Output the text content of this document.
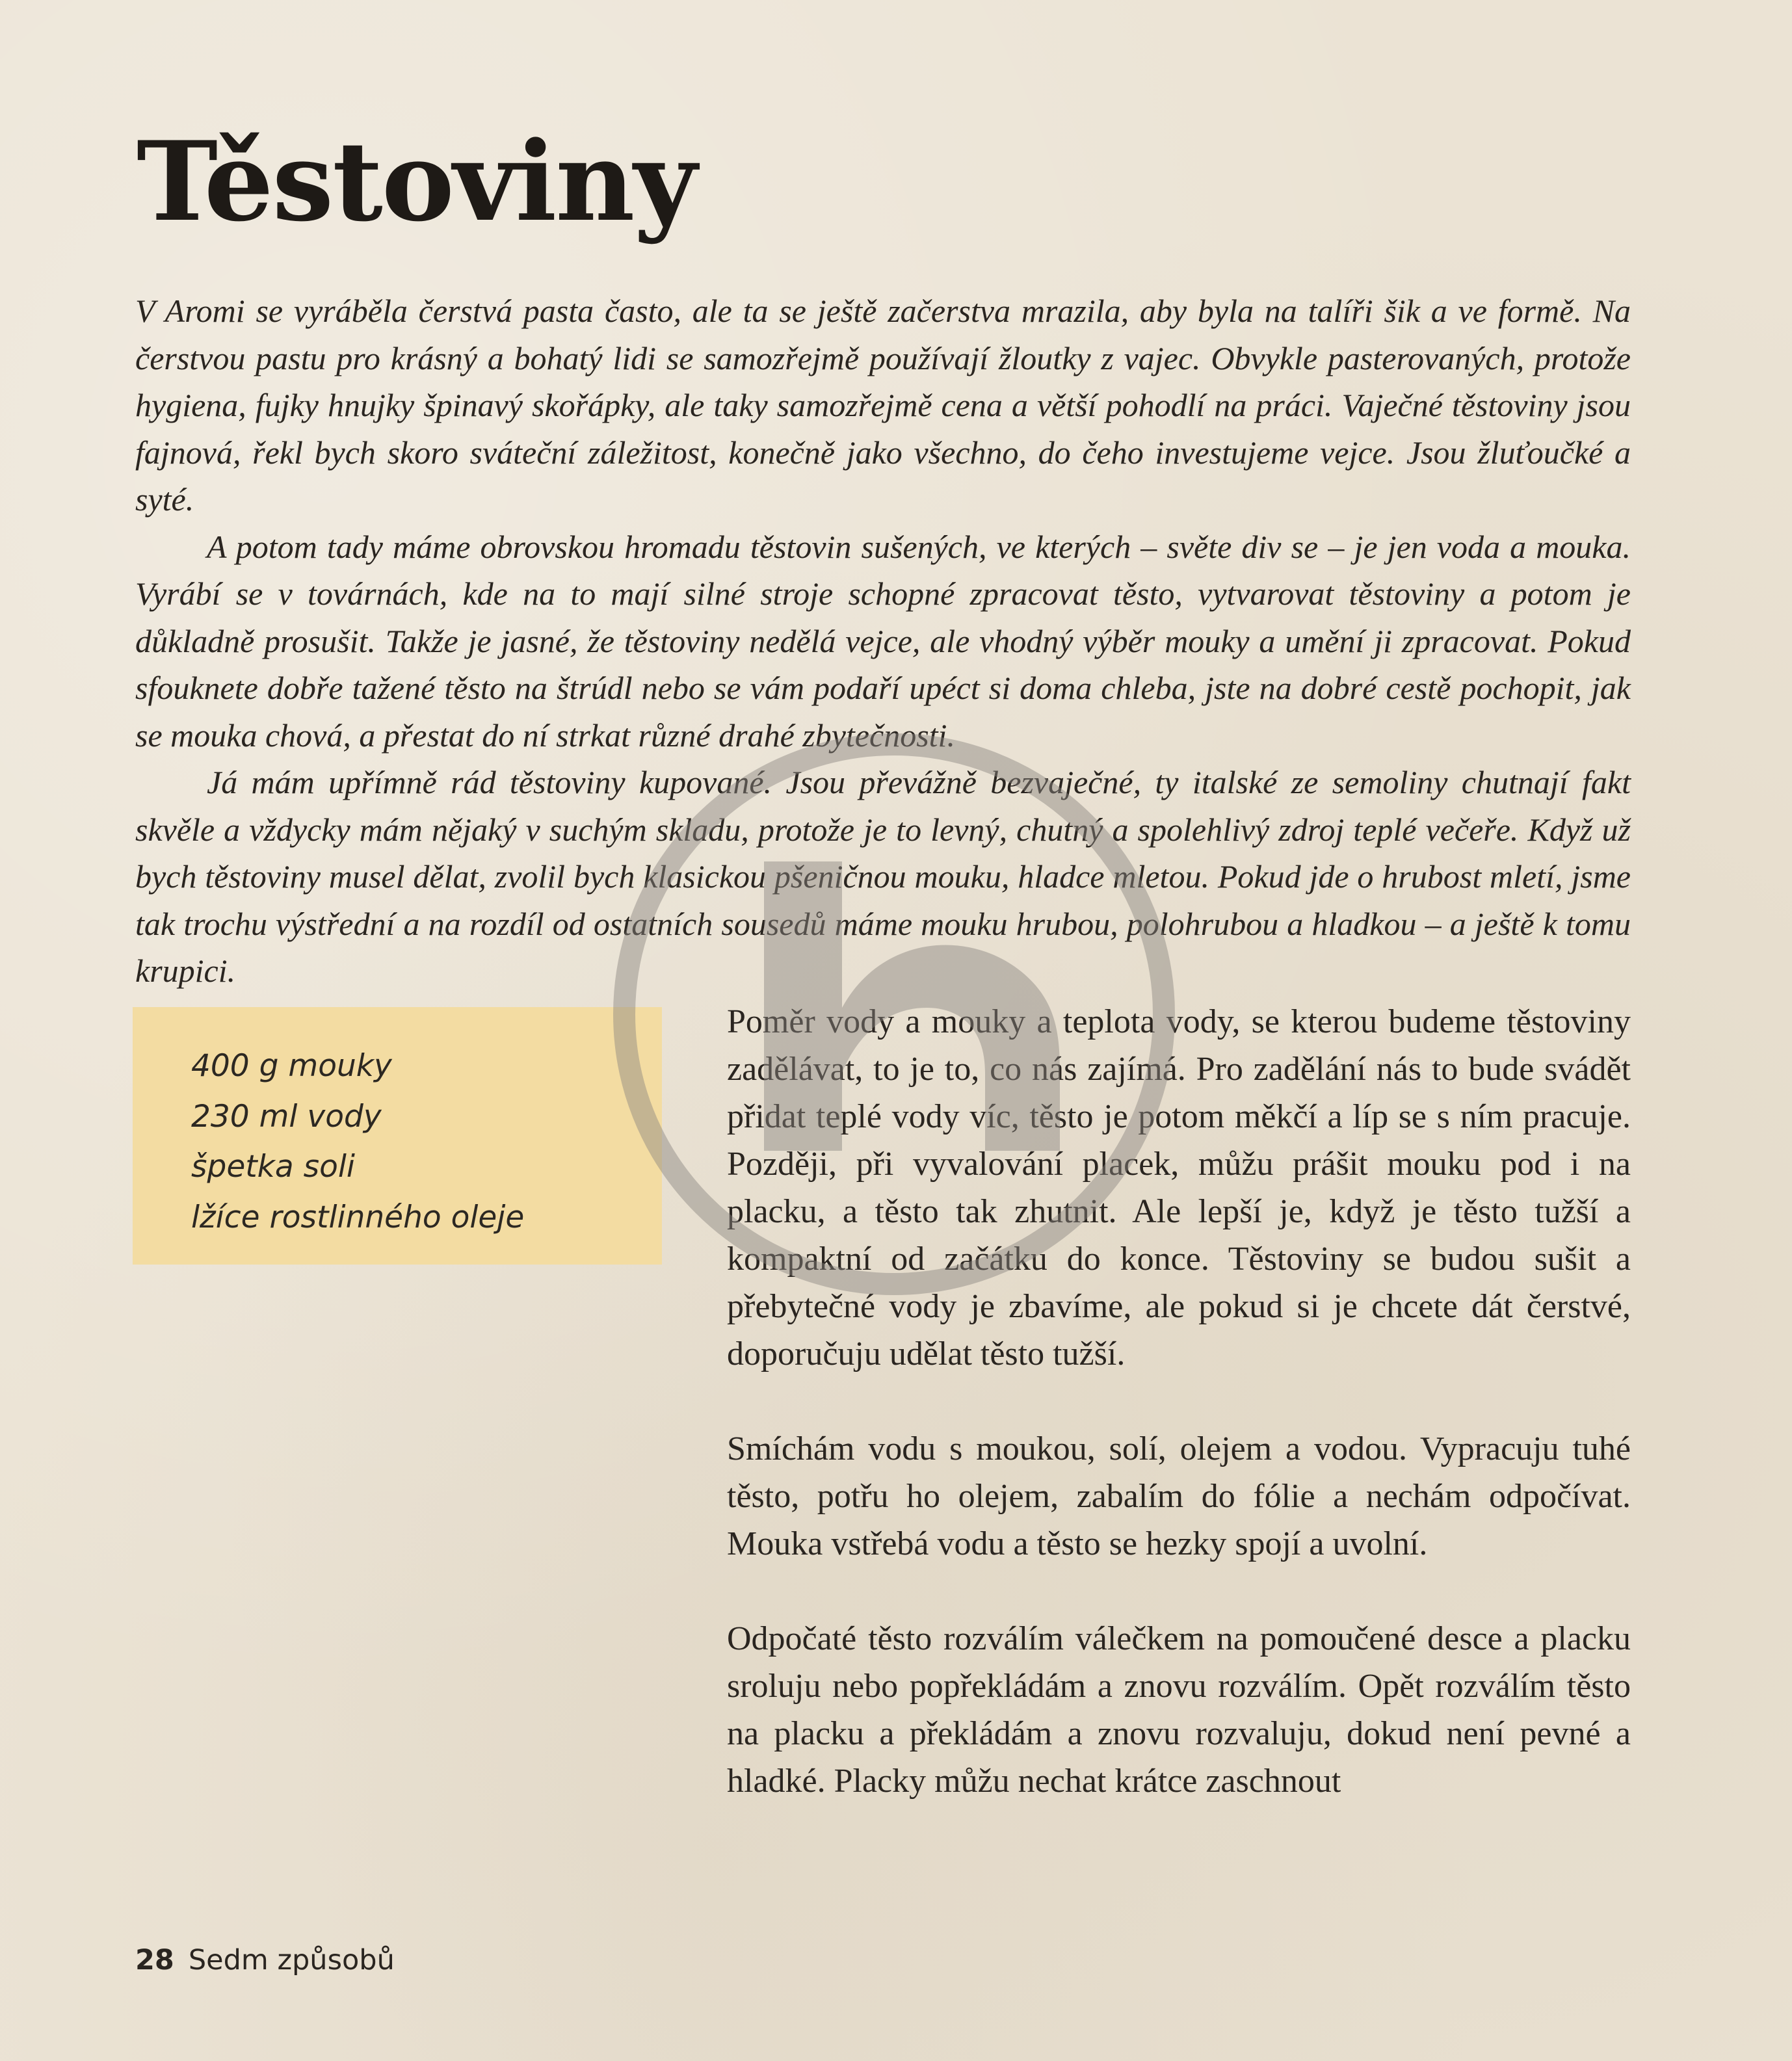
Těstoviny

V Aromi se vyráběla čerstvá pasta často, ale ta se ještě začerstva mrazila, aby byla na talíři šik a ve formě. Na čerstvou pastu pro krásný a bohatý lidi se samozřejmě používají žloutky z vajec. Obvykle pasterovaných, protože hygiena, fujky hnujky špinavý skořápky, ale taky samozřejmě cena a větší pohodlí na práci. Vaječné těstoviny jsou fajnová, řekl bych skoro sváteční záležitost, konečně jako všechno, do čeho investujeme vejce. Jsou žluťoučké a syté.

A potom tady máme obrovskou hromadu těstovin sušených, ve kterých – světe div se – je jen voda a mouka. Vyrábí se v továrnách, kde na to mají silné stroje schopné zpracovat těsto, vytvarovat těstoviny a potom je důkladně prosušit. Takže je jasné, že těstoviny nedělá vejce, ale vhodný výběr mouky a umění ji zpracovat. Pokud sfouknete dobře tažené těsto na štrúdl nebo se vám podaří upéct si doma chleba, jste na dobré cestě pochopit, jak se mouka chová, a přestat do ní strkat různé drahé zbytečnosti.

Já mám upřímně rád těstoviny kupované. Jsou převážně bezvaječné, ty italské ze semoliny chutnají fakt skvěle a vždycky mám nějaký v suchým skladu, protože je to levný, chutný a spolehlivý zdroj teplé večeře. Když už bych těstoviny musel dělat, zvolil bych klasickou pšeničnou mouku, hladce mletou. Pokud jde o hrubost mletí, jsme tak trochu výstřední a na rozdíl od ostatních sousedů máme mouku hrubou, polohrubou a hladkou – a ještě k tomu krupici.

400 g mouky
230 ml vody
špetka soli
lžíce rostlinného oleje

Poměr vody a mouky a teplota vody, se kterou budeme těstoviny zadělávat, to je to, co nás zajímá. Pro zadělání nás to bude svádět přidat teplé vody víc, těsto je potom měkčí a líp se s ním pracuje. Později, při vyvalování placek, můžu prášit mouku pod i na placku, a těsto tak zhutnit. Ale lepší je, když je těsto tužší a kompaktní od začátku do konce. Těstoviny se budou sušit a přebytečné vody je zbavíme, ale pokud si je chcete dát čerstvé, doporučuju udělat těsto tužší.

Smíchám vodu s moukou, solí, olejem a vodou. Vypracuju tuhé těsto, potřu ho olejem, zabalím do fólie a nechám odpočívat. Mouka vstřebá vodu a těsto se hezky spojí a uvolní.

Odpočaté těsto rozválím válečkem na pomoučené desce a placku sroluju nebo popřekládám a znovu rozválím. Opět rozválím těsto na placku a překládám a znovu rozvaluju, dokud není pevné a hladké. Placky můžu nechat krátce zaschnout

28 Sedm způsobů
